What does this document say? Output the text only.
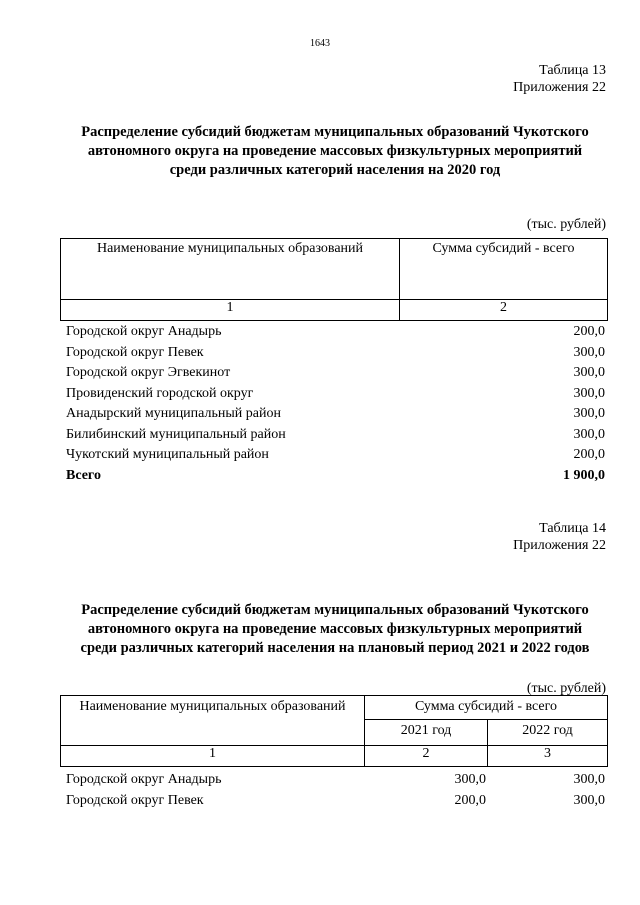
1643
Таблица 13
Приложения 22
Распределение субсидий бюджетам муниципальных образований Чукотского
автономного округа на проведение массовых физкультурных мероприятий
среди различных категорий населения на 2020 год
(тыс. рублей)
Наименование муниципальных образований	Сумма субсидий - всего
1	2
Городской округ Анадырь	200,0
Городской округ Певек	300,0
Городской округ Эгвекинот	300,0
Провиденский городской округ	300,0
Анадырский муниципальный район	300,0
Билибинский муниципальный район	300,0
Чукотский муниципальный район	200,0
Всего	1 900,0
Таблица 14
Приложения 22
Распределение субсидий бюджетам муниципальных образований Чукотского
автономного округа на проведение массовых физкультурных мероприятий
среди различных категорий населения на плановый период 2021 и 2022 годов
(тыс. рублей)
Наименование муниципальных образований	Сумма субсидий - всего	
	2021 год	2022 год
1	2	3
Городской округ Анадырь	300,0	300,0
Городской округ Певек	200,0	300,0
